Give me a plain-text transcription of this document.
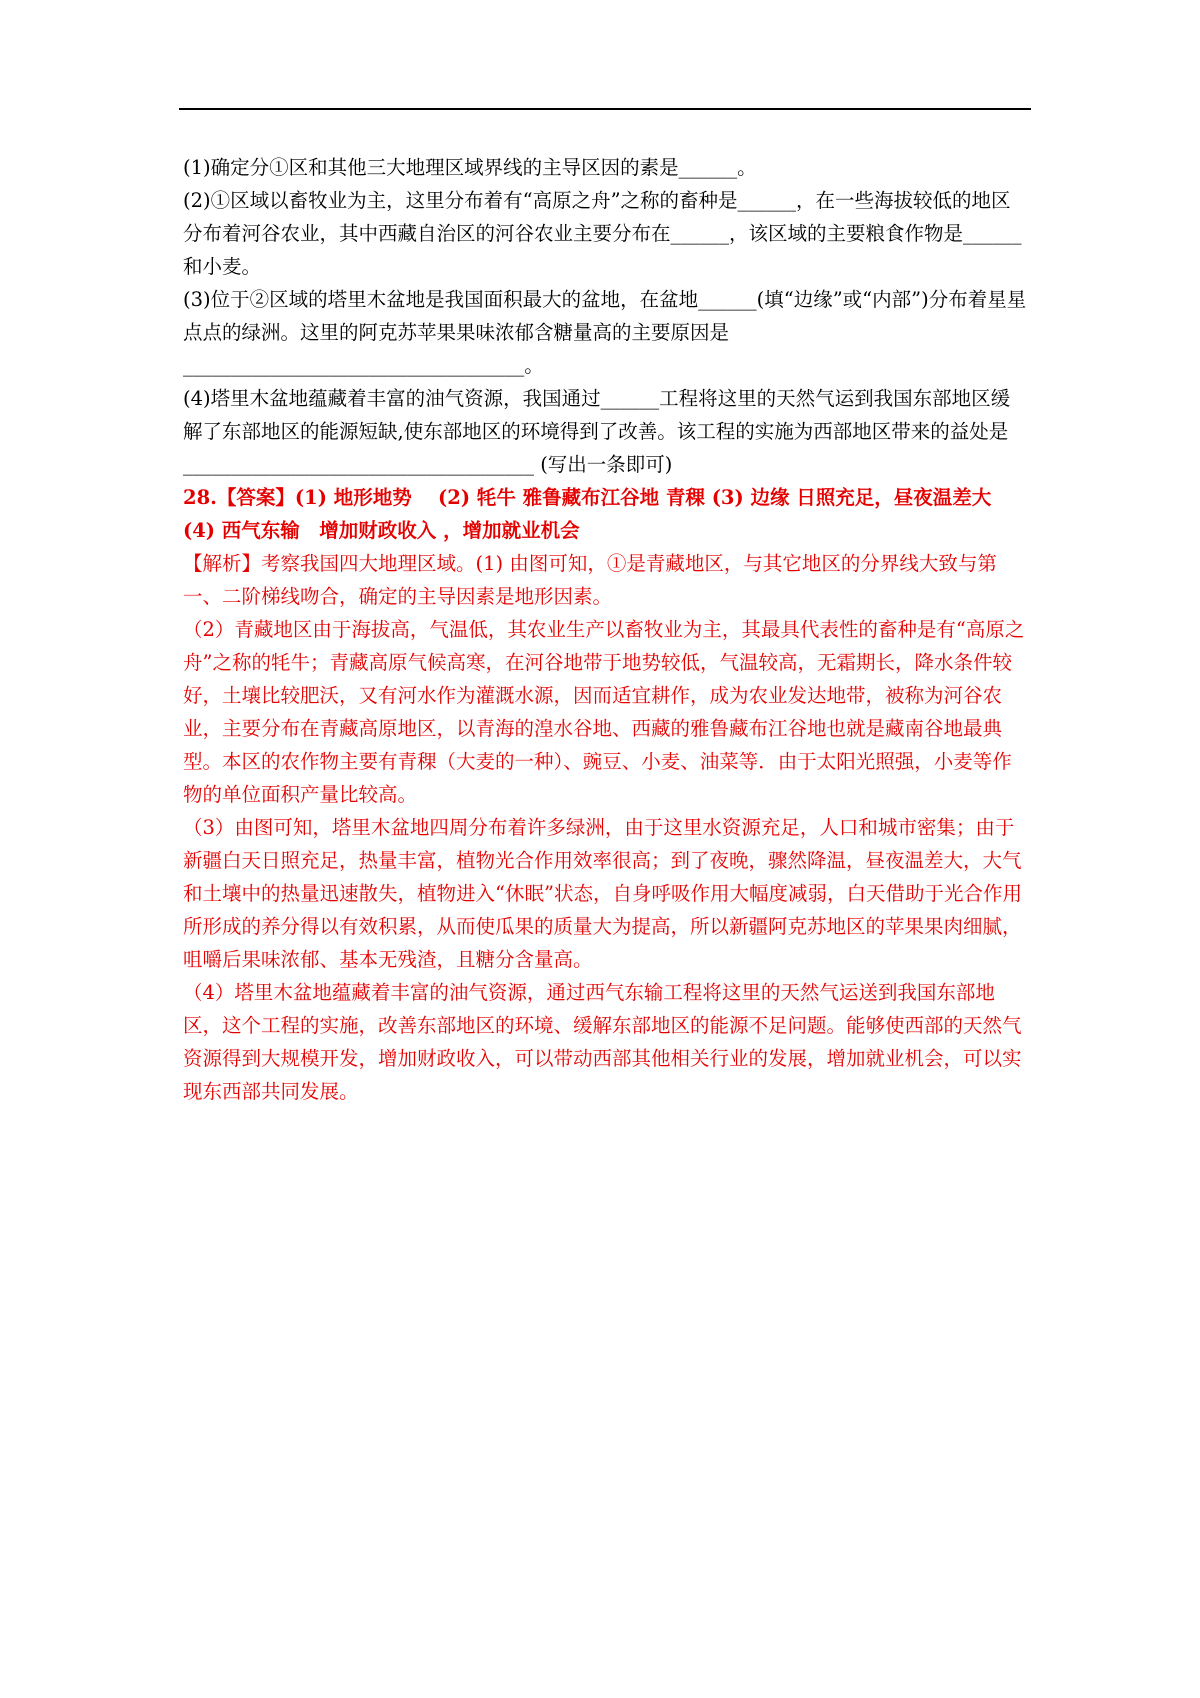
(1)确定分①区和其他三大地理区域界线的主导区因的素是______。

(2)①区域以畜牧业为主，这里分布着有“高原之舟”之称的畜种是______，在一些海拔较低的地区分布着河谷农业，其中西藏自治区的河谷农业主要分布在______，该区域的主要粮食作物是______和小麦。

(3)位于②区域的塔里木盆地是我国面积最大的盆地，在盆地______(填“边缘”或“内部”)分布着星星点点的绿洲。这里的阿克苏苹果果味浓郁含糖量高的主要原因是

___________________________________。

(4)塔里木盆地蕴藏着丰富的油气资源，我国通过______工程将这里的天然气运到我国东部地区缓解了东部地区的能源短缺,使东部地区的环境得到了改善。该工程的实施为西部地区带来的益处是____________________________________ (写出一条即可)

28.【答案】(1) 地形地势　 (2) 牦牛 雅鲁藏布江谷地 青稞 (3) 边缘 日照充足，昼夜温差大　 (4) 西气东输　增加财政收入 ，增加就业机会

【解析】考察我国四大地理区域。(1) 由图可知，①是青藏地区，与其它地区的分界线大致与第一、二阶梯线吻合，确定的主导因素是地形因素。

（2）青藏地区由于海拔高，气温低，其农业生产以畜牧业为主，其最具代表性的畜种是有“高原之舟”之称的牦牛；青藏高原气候高寒，在河谷地带于地势较低，气温较高，无霜期长，降水条件较好，土壤比较肥沃，又有河水作为灌溉水源，因而适宜耕作，成为农业发达地带，被称为河谷农业，主要分布在青藏高原地区，以青海的湟水谷地、西藏的雅鲁藏布江谷地也就是藏南谷地最典型。本区的农作物主要有青稞（大麦的一种）、豌豆、小麦、油菜等．由于太阳光照强，小麦等作物的单位面积产量比较高。

（3）由图可知，塔里木盆地四周分布着许多绿洲，由于这里水资源充足，人口和城市密集；由于新疆白天日照充足，热量丰富，植物光合作用效率很高；到了夜晚，骤然降温，昼夜温差大，大气和土壤中的热量迅速散失，植物进入“休眠”状态，自身呼吸作用大幅度减弱，白天借助于光合作用所形成的养分得以有效积累，从而使瓜果的质量大为提高，所以新疆阿克苏地区的苹果果肉细腻，咀嚼后果味浓郁、基本无残渣，且糖分含量高。

（4）塔里木盆地蕴藏着丰富的油气资源，通过西气东输工程将这里的天然气运送到我国东部地区，这个工程的实施，改善东部地区的环境、缓解东部地区的能源不足问题。能够使西部的天然气资源得到大规模开发，增加财政收入，可以带动西部其他相关行业的发展，增加就业机会，可以实现东西部共同发展。
